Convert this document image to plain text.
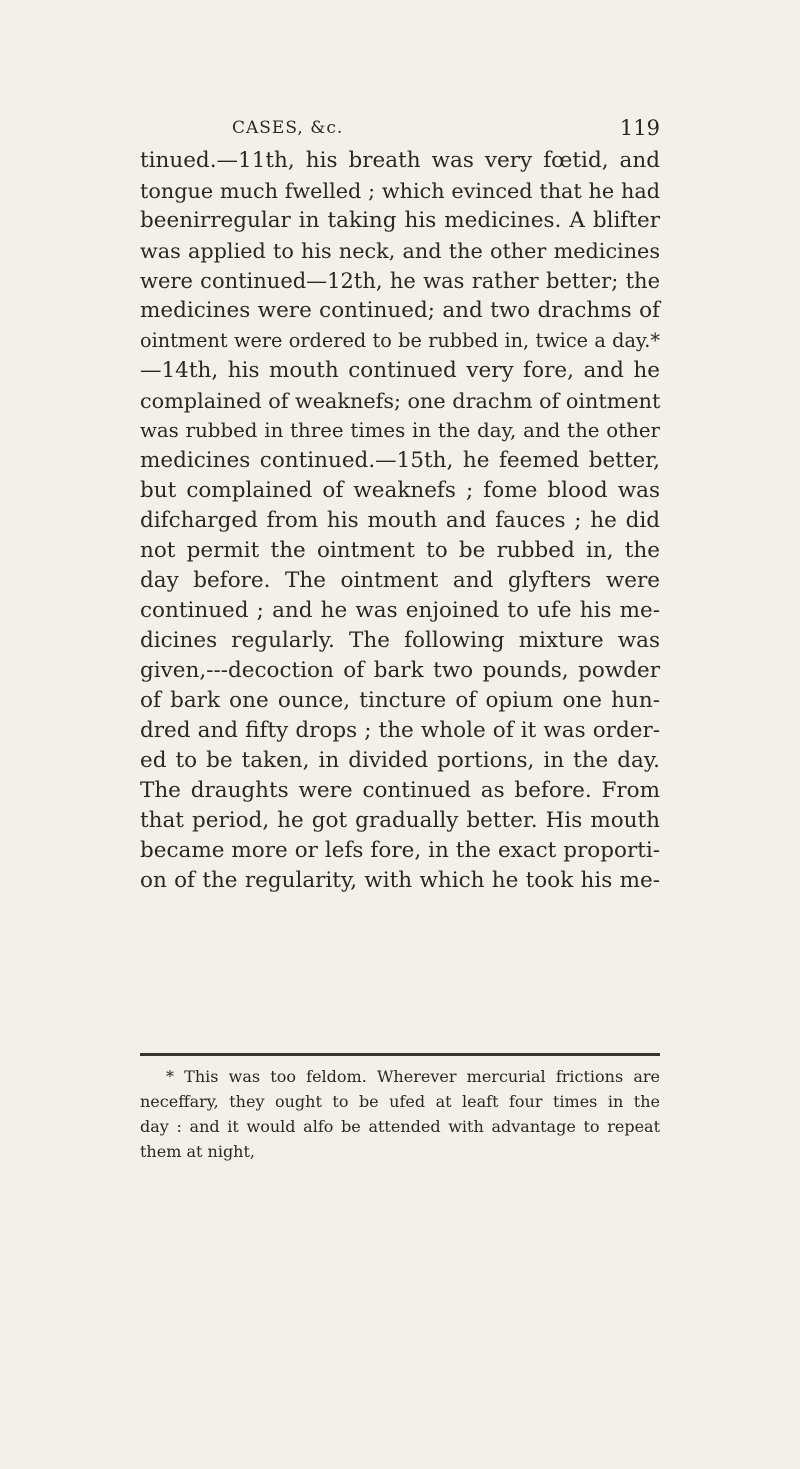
CASES, &c.	119
tinued.—11th, his breath was very fœtid, and
tongue much fwelled ; which evinced that he had
beenirregular in taking his medicines. A blifter
was applied to his neck, and the other medicines
were continued—12th, he was rather better; the
medicines were continued; and two drachms of
ointment were ordered to be rubbed in, twice a day.*
—14th, his mouth continued very fore, and he
complained of weaknefs; one drachm of ointment
was rubbed in three times in the day, and the other
medicines continued.—15th, he feemed better,
but complained of weaknefs ; fome blood was
difcharged from his mouth and fauces ; he did
not permit the ointment to be rubbed in, the
day before. The ointment and glyfters were
continued ; and he was enjoined to ufe his me-
dicines regularly. The following mixture was
given,---decoction of bark two pounds, powder
of bark one ounce, tincture of opium one hun-
dred and fifty drops ; the whole of it was order-
ed to be taken, in divided portions, in the day.
The draughts were continued as before. From
that period, he got gradually better. His mouth
became more or lefs fore, in the exact proporti-
on of the regularity, with which he took his me-
* This was too feldom. Wherever mercurial frictions are
neceffary, they ought to be ufed at leaft four times in the
day : and it would alfo be attended with advantage to repeat
them at night,
